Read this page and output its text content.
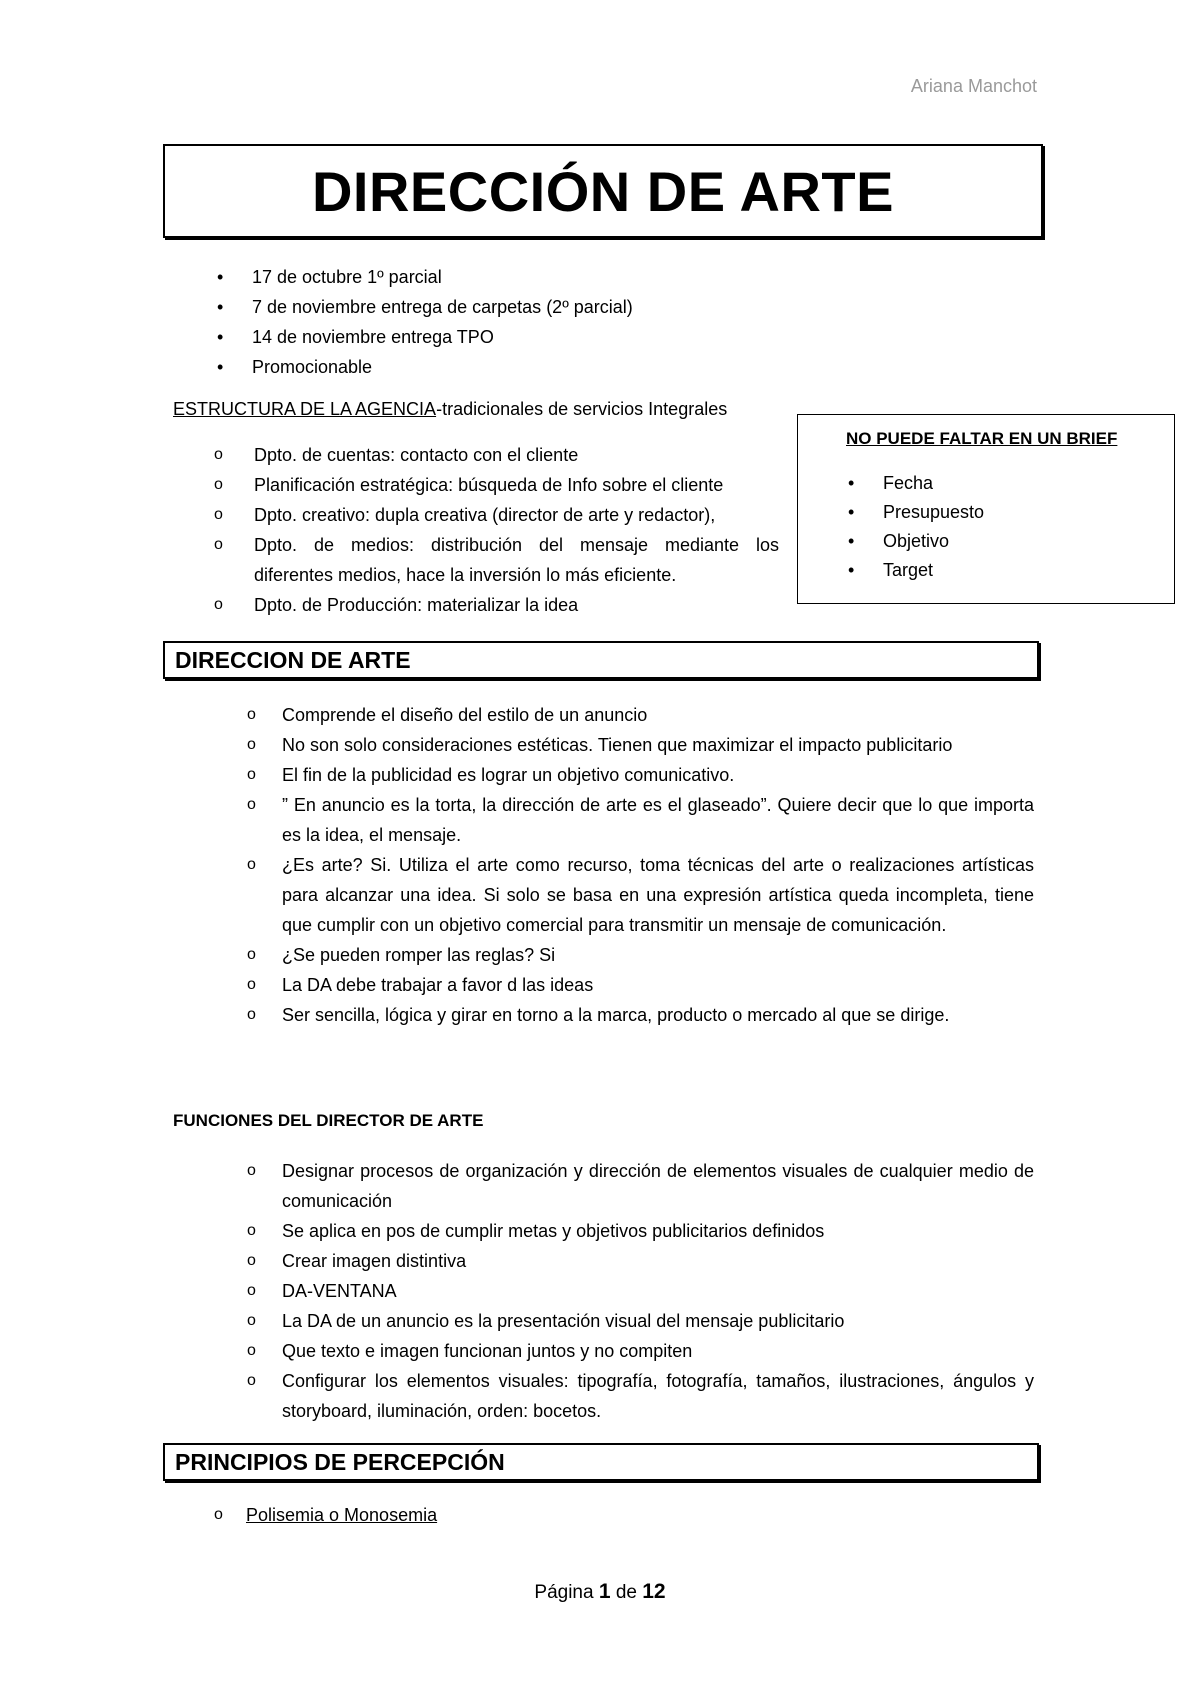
Ariana Manchot
DIRECCIÓN DE ARTE
• 17 de octubre 1º parcial
• 7 de noviembre entrega de carpetas (2º parcial)
• 14 de noviembre entrega TPO
• Promocionable
ESTRUCTURA DE LA AGENCIA-tradicionales de servicios Integrales
o Dpto. de cuentas: contacto con el cliente
o Planificación estratégica: búsqueda de Info sobre el cliente
o Dpto. creativo: dupla creativa (director de arte y redactor),
o Dpto. de medios: distribución del mensaje mediante los diferentes medios, hace la inversión lo más eficiente.
o Dpto. de Producción: materializar la idea
NO PUEDE FALTAR EN UN BRIEF
• Fecha
• Presupuesto
• Objetivo
• Target
DIRECCION DE ARTE
o Comprende el diseño del estilo de un anuncio
o No son solo consideraciones estéticas. Tienen que maximizar el impacto publicitario
o El fin de la publicidad es lograr un objetivo comunicativo.
o ” En anuncio es la torta, la dirección de arte es el glaseado”. Quiere decir que lo que importa es la idea, el mensaje.
o ¿Es arte? Si. Utiliza el arte como recurso, toma técnicas del arte o realizaciones artísticas para alcanzar una idea. Si solo se basa en una expresión artística queda incompleta, tiene que cumplir con un objetivo comercial para transmitir un mensaje de comunicación.
o ¿Se pueden romper las reglas? Si
o La DA debe trabajar a favor d las ideas
o Ser sencilla, lógica y girar en torno a la marca, producto o mercado al que se dirige.
FUNCIONES DEL DIRECTOR DE ARTE
o Designar procesos de organización y dirección de elementos visuales de cualquier medio de comunicación
o Se aplica en pos de cumplir metas y objetivos publicitarios definidos
o Crear imagen distintiva
o DA-VENTANA
o La DA de un anuncio es la presentación visual del mensaje publicitario
o Que texto e imagen funcionan juntos y no compiten
o Configurar los elementos visuales: tipografía, fotografía, tamaños, ilustraciones, ángulos y storyboard, iluminación, orden: bocetos.
PRINCIPIOS DE PERCEPCIÓN
o Polisemia o Monosemia
Página 1 de 12
